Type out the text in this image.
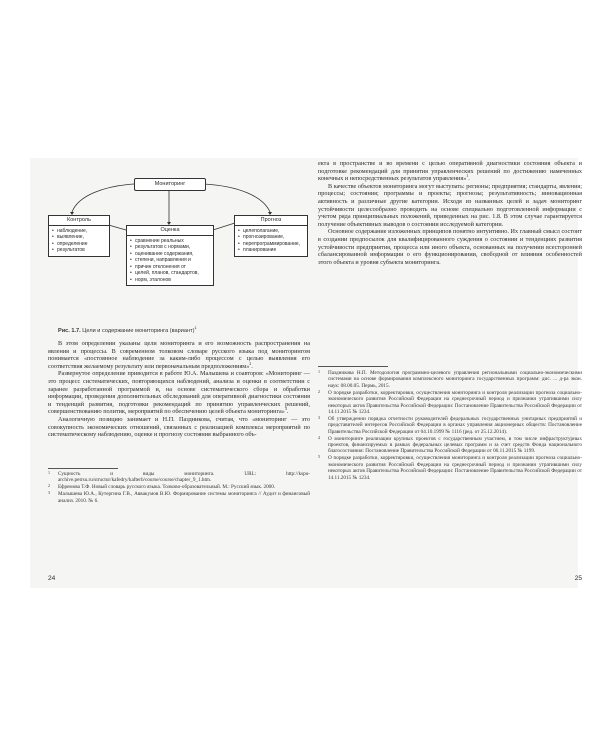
Мониторинг
Контроль
• наблюдение,
• выявление,
• определение
• результатов
Оценка
• сравнение реальных
• результатов с нормами,
• оценивание содержания,
• степени, направления и
• причин отклонения от
• целей, планов, стандартов,
• норм, эталонов
Прогноз
• целеполагание,
• прогнозирование,
• перепрограммирование,
• планирование
Рис. 1.7. Цели и содержание мониторинга (вариант)$^1$

В этом определении указаны цели мониторинга и его возможность распространения на явления и процессы. В современном толковом словаре русского языка под мониторингом понимается «постоянное наблюдение за каким-либо процессом с целью выявления его соответствия желаемому результату или первоначальным предположениям»$^2$.

Развернутое определение приводится в работе Ю.А. Малышева и соавторов: «Мониторинг — это процесс систематических, повторяющихся наблюдений, анализа и оценки в соответствии с заранее разработанной программой и, на основе систематического сбора и обработки информации, проведения дополнительных обследований для оперативной диагностики состояния и тенденций развития, подготовки рекомендаций по принятию управленческих решений, совершенствованию политик, мероприятий по обеспечению целей объекта мониторинга»$^3$.

Аналогичную позицию занимает и Н.П. Паздникова, считая, что «мониторинг — это совокупность экономических отношений, связанных с реализацией комплекса мероприятий по систематическому наблюдению, оценке и прогнозу состояния выбранного объ-

1 Сущность и виды мониторинга. URL: http://kspu-archive.petrsu.ru/structur/kafedry/kafterb/course/course/chapter_9_1.htm.
2 Ефремова Т.Ф. Новый словарь русского языка. Толково-образовательный. М.: Русский язык. 2000.
3 Малышева Ю.А., Кутергина Г.В., Аввакумов В.Ю. Формирование системы мониторинга // Аудит и финансовый анализ. 2010. № 6.
24

екта в пространстве и во времени с целью оперативной диагностики состояния объекта и подготовке рекомендаций для принятия управленческих решений по достижению намеченных конечных и непосредственных результатов управления»$^1$.

В качестве объектов мониторинга могут выступать: регионы; предприятия; стандарты, явления; процессы; состояния; программы и проекты; прогнозы; результативность; инновационная активность и различные другие категории. Исходя из названных целей и задач мониторинг устойчивости целесообразно проводить на основе специально подготовленной информации с учетом ряда принципиальных положений, приведенных на рис. 1.8. В этом случае гарантируется получение объективных выводов о состоянии исследуемой категории.

Основное содержание изложенных принципов понятно интуитивно. Их главный смысл состоит в создании предпосылок для квалифицированного суждения о состоянии и тенденциях развития устойчивости предприятия, процесса или иного объекта, основанных на получении всесторонней сбалансированной информации о его функционировании, свободной от влияния особенностей этого объекта и уровня субъекта мониторинга.

1 Паздникова Н.П. Методология программно-целевого управления региональными социально-экономическими системами на основе формирования комплексного мониторинга государственных программ: дис. ... д-ра экон. наук: 08.00.05. Пермь, 2015.
2 О порядке разработки, корректировки, осуществления мониторинга и контроля реализации прогноза социально-экономического развития Российской Федерации на среднесрочный период и признании утратившими силу некоторых актов Правительства Российской Федерации: Постановление Правительства Российской Федерации от 14.11.2015 № 1234.
3 Об утверждении порядка отчетности руководителей федеральных государственных унитарных предприятий и представителей интересов Российской Федерации в органах управления акционерных обществ: Постановление Правительства Российской Федерации от 04.10.1999 № 1116 (ред. от 25.12.2014).
4 О мониторинге реализации крупных проектов с государственным участием, в том числе инфраструктурных проектов, финансируемых в рамках федеральных целевых программ и за счет средств Фонда национального благосостояния: Постановление Правительства Российской Федерации от 06.11.2015 № 1199.
5 О порядке разработки, корректировки, осуществления мониторинга и контроля реализации прогноза социально-экономического развития Российской Федерации на среднесрочный период и признании утратившими силу некоторых актов Правительства Российской Федерации: Постановление Правительства Российской Федерации от 14.11.2015 № 1234.
25
